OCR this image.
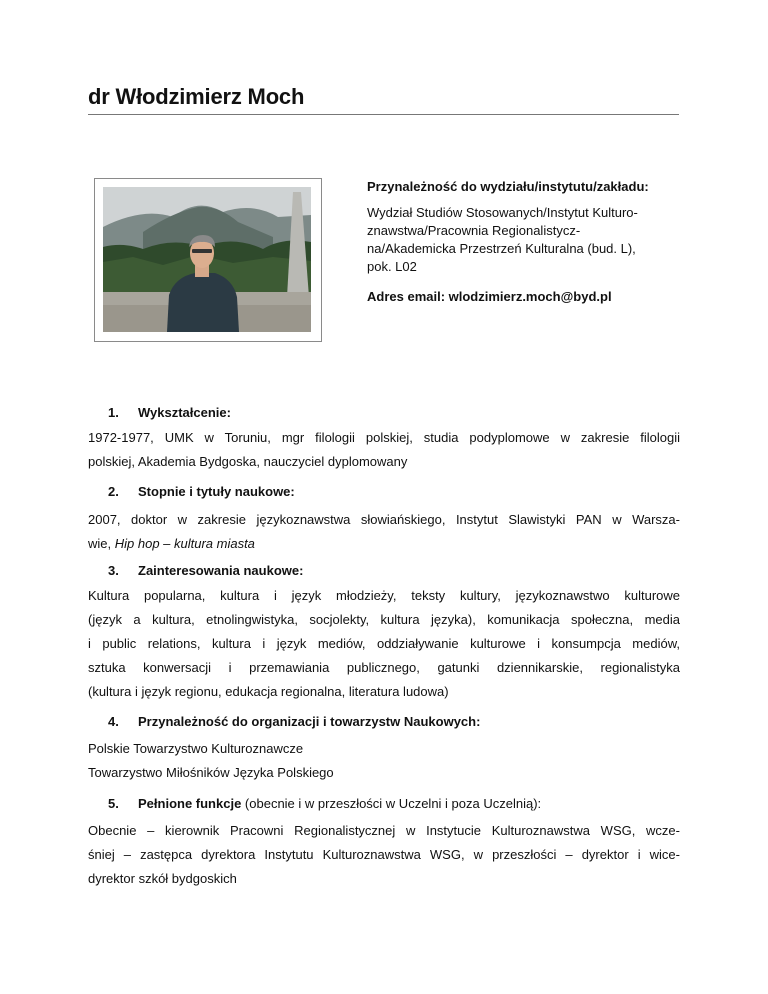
dr Włodzimierz Moch
Przynależność do wydziału/instytutu/zakładu:
Wydział Studiów Stosowanych/Instytut Kulturo-
znawstwa/Pracownia Regionalistycz-
na/Akademicka Przestrzeń Kulturalna (bud. L),
pok. L02
Adres email: wlodzimierz.moch@byd.pl
1. Wykształcenie:
1972-1977, UMK w Toruniu, mgr filologii polskiej, studia podyplomowe w zakresie filologii
polskiej, Akademia Bydgoska, nauczyciel dyplomowany
2. Stopnie i tytuły naukowe:
2007, doktor w zakresie językoznawstwa słowiańskiego, Instytut Slawistyki PAN w Warsza-
wie, Hip hop – kultura miasta
3. Zainteresowania naukowe:
Kultura popularna, kultura i język młodzieży, teksty kultury, językoznawstwo kulturowe
(język a kultura, etnolingwistyka, socjolekty, kultura języka), komunikacja społeczna, media
i public relations, kultura i język mediów, oddziaływanie kulturowe i konsumpcja mediów,
sztuka konwersacji i przemawiania publicznego, gatunki dziennikarskie, regionalistyka
(kultura i język regionu, edukacja regionalna, literatura ludowa)
4. Przynależność do organizacji i towarzystw Naukowych:
Polskie Towarzystwo Kulturoznawcze
Towarzystwo Miłośników Języka Polskiego
5. Pełnione funkcje (obecnie i w przeszłości w Uczelni i poza Uczelnią):
Obecnie – kierownik Pracowni Regionalistycznej w Instytucie Kulturoznawstwa WSG, wcze-
śniej – zastępca dyrektora Instytutu Kulturoznawstwa WSG, w przeszłości – dyrektor i wice-
dyrektor szkół bydgoskich
